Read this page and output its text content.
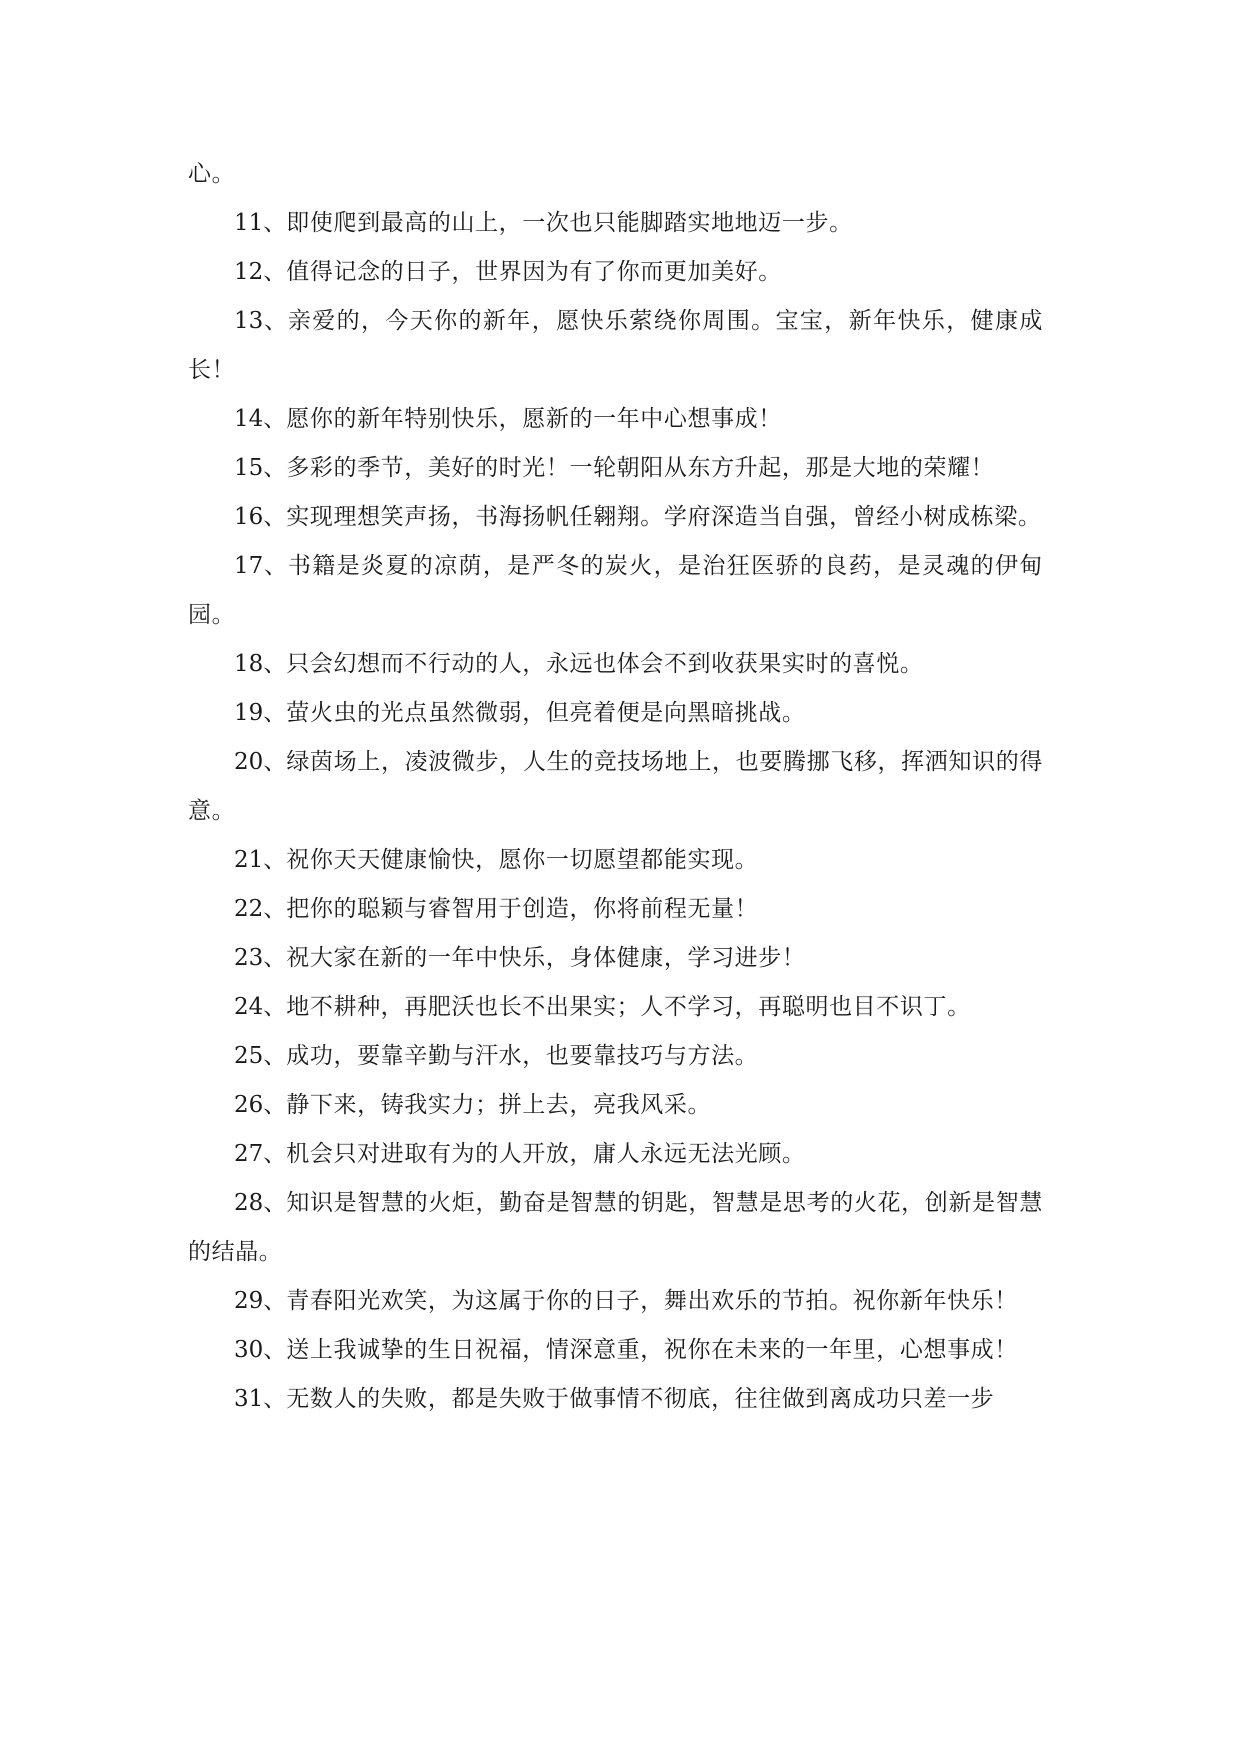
心。

11、即使爬到最高的山上，一次也只能脚踏实地地迈一步。

12、值得记念的日子，世界因为有了你而更加美好。

13、亲爱的，今天你的新年，愿快乐萦绕你周围。宝宝，新年快乐，健康成长！

14、愿你的新年特别快乐，愿新的一年中心想事成！

15、多彩的季节，美好的时光！一轮朝阳从东方升起，那是大地的荣耀！

16、实现理想笑声扬，书海扬帆任翱翔。学府深造当自强，曾经小树成栋梁。

17、书籍是炎夏的凉荫，是严冬的炭火，是治狂医骄的良药，是灵魂的伊甸园。

18、只会幻想而不行动的人，永远也体会不到收获果实时的喜悦。

19、萤火虫的光点虽然微弱，但亮着便是向黑暗挑战。

20、绿茵场上，凌波微步，人生的竞技场地上，也要腾挪飞移，挥洒知识的得意。

21、祝你天天健康愉快，愿你一切愿望都能实现。

22、把你的聪颖与睿智用于创造，你将前程无量！

23、祝大家在新的一年中快乐，身体健康，学习进步！

24、地不耕种，再肥沃也长不出果实；人不学习，再聪明也目不识丁。

25、成功，要靠辛勤与汗水，也要靠技巧与方法。

26、静下来，铸我实力；拼上去，亮我风采。

27、机会只对进取有为的人开放，庸人永远无法光顾。

28、知识是智慧的火炬，勤奋是智慧的钥匙，智慧是思考的火花，创新是智慧的结晶。

29、青春阳光欢笑，为这属于你的日子，舞出欢乐的节拍。祝你新年快乐！

30、送上我诚挚的生日祝福，情深意重，祝你在未来的一年里，心想事成！

31、无数人的失败，都是失败于做事情不彻底，往往做到离成功只差一步
